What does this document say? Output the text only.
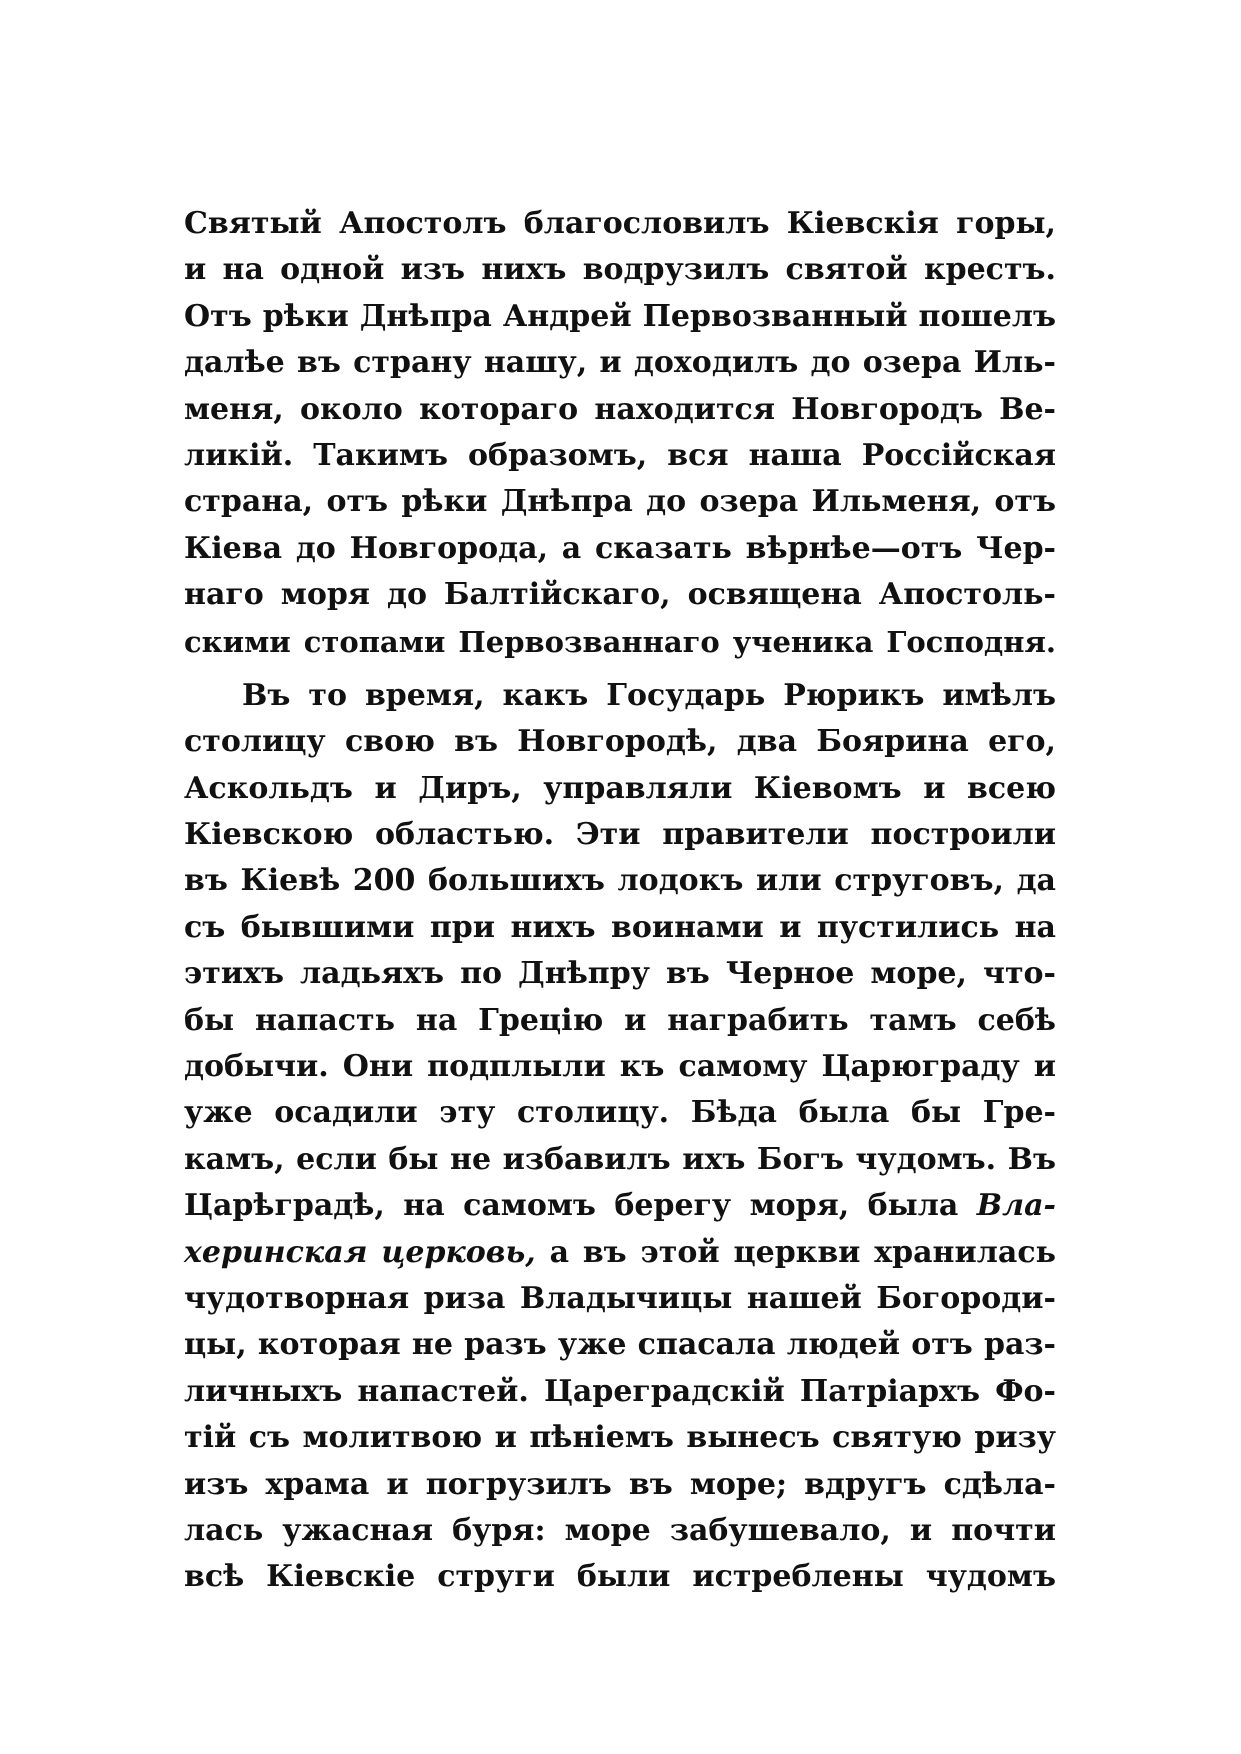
Святый Апостолъ благословилъ Кіевскія горы,
и на одной изъ нихъ водрузилъ святой крестъ.
Отъ рѣки Днѣпра Андрей Первозванный пошелъ
далѣе въ страну нашу, и доходилъ до озера Иль-
меня, около котораго находится Новгородъ Ве-
ликій. Такимъ образомъ, вся наша Россійская
страна, отъ рѣки Днѣпра до озера Ильменя, отъ
Кіева до Новгорода, а сказать вѣрнѣе—отъ Чер-
наго моря до Балтійскаго, освящена Апостоль-
скими стопами Первозваннаго ученика Господня.
Въ то время, какъ Государь Рюрикъ имѣлъ
столицу свою въ Новгородѣ, два Боярина его,
Аскольдъ и Диръ, управляли Кіевомъ и всею
Кіевскою областью. Эти правители построили
въ Кіевѣ 200 большихъ лодокъ или струговъ, да
съ бывшими при нихъ воинами и пустились на
этихъ ладьяхъ по Днѣпру въ Черное море, что-
бы напасть на Грецію и награбить тамъ себѣ
добычи. Они подплыли къ самому Царюграду и
уже осадили эту столицу. Бѣда была бы Гре-
камъ, если бы не избавилъ ихъ Богъ чудомъ. Въ
Царѣградѣ, на самомъ берегу моря, была Вла-
херинская церковь, а въ этой церкви хранилась
чудотворная риза Владычицы нашей Богороди-
цы, которая не разъ уже спасала людей отъ раз-
личныхъ напастей. Цареградскій Патріархъ Фо-
тій съ молитвою и пѣніемъ вынесъ святую ризу
изъ храма и погрузилъ въ море; вдругъ сдѣла-
лась ужасная буря: море забушевало, и почти
всѣ Кіевскіе струги были истреблены чудомъ
